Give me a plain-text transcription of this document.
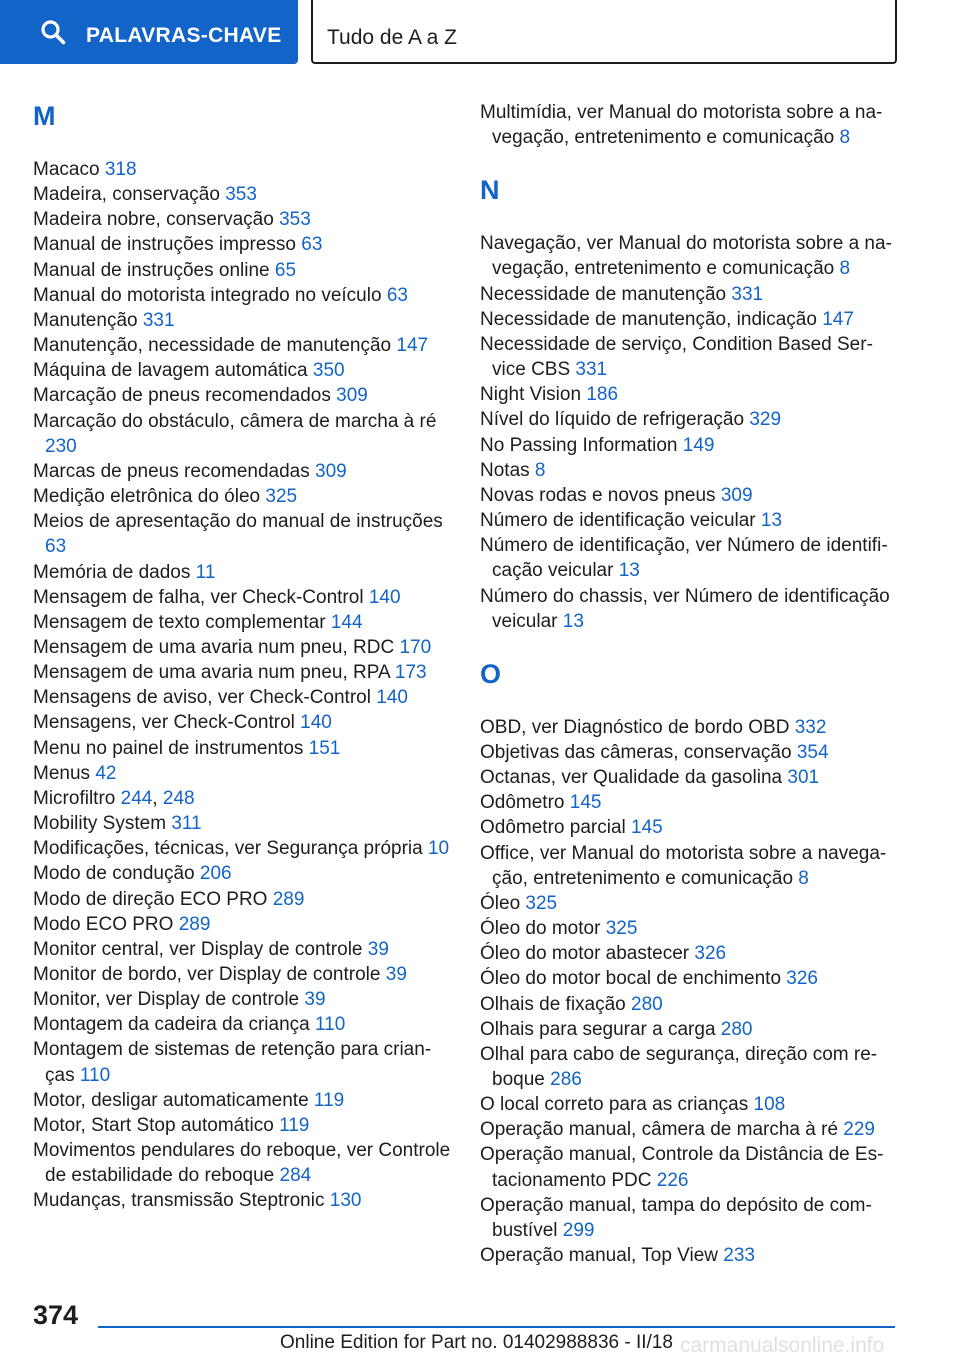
PALAVRAS-CHAVE Tudo de A a Z
M
Macaco 318
Madeira, conservação 353
Madeira nobre, conservação 353
Manual de instruções impresso 63
Manual de instruções online 65
Manual do motorista integrado no veículo 63
Manutenção 331
Manutenção, necessidade de manutenção 147
Máquina de lavagem automática 350
Marcação de pneus recomendados 309
Marcação do obstáculo, câmera de marcha à ré 230
Marcas de pneus recomendadas 309
Medição eletrônica do óleo 325
Meios de apresentação do manual de instruções 63
Memória de dados 11
Mensagem de falha, ver Check-Control 140
Mensagem de texto complementar 144
Mensagem de uma avaria num pneu, RDC 170
Mensagem de uma avaria num pneu, RPA 173
Mensagens de aviso, ver Check-Control 140
Mensagens, ver Check-Control 140
Menu no painel de instrumentos 151
Menus 42
Microfiltro 244, 248
Mobility System 311
Modificações, técnicas, ver Segurança própria 10
Modo de condução 206
Modo de direção ECO PRO 289
Modo ECO PRO 289
Monitor central, ver Display de controle 39
Monitor de bordo, ver Display de controle 39
Monitor, ver Display de controle 39
Montagem da cadeira da criança 110
Montagem de sistemas de retenção para crianças 110
Motor, desligar automaticamente 119
Motor, Start Stop automático 119
Movimentos pendulares do reboque, ver Controle de estabilidade do reboque 284
Mudanças, transmissão Steptronic 130
Multimídia, ver Manual do motorista sobre a navegação, entretenimento e comunicação 8
N
Navegação, ver Manual do motorista sobre a navegação, entretenimento e comunicação 8
Necessidade de manutenção 331
Necessidade de manutenção, indicação 147
Necessidade de serviço, Condition Based Service CBS 331
Night Vision 186
Nível do líquido de refrigeração 329
No Passing Information 149
Notas 8
Novas rodas e novos pneus 309
Número de identificação veicular 13
Número de identificação, ver Número de identificação veicular 13
Número do chassis, ver Número de identificação veicular 13
O
OBD, ver Diagnóstico de bordo OBD 332
Objetivas das câmeras, conservação 354
Octanas, ver Qualidade da gasolina 301
Odômetro 145
Odômetro parcial 145
Office, ver Manual do motorista sobre a navegação, entretenimento e comunicação 8
Óleo 325
Óleo do motor 325
Óleo do motor abastecer 326
Óleo do motor bocal de enchimento 326
Olhais de fixação 280
Olhais para segurar a carga 280
Olhal para cabo de segurança, direção com reboque 286
O local correto para as crianças 108
Operação manual, câmera de marcha à ré 229
Operação manual, Controle da Distância de Estacionamento PDC 226
Operação manual, tampa do depósito de combustível 299
Operação manual, Top View 233
374
Online Edition for Part no. 01402988836 - II/18 carmanualsonline.info
